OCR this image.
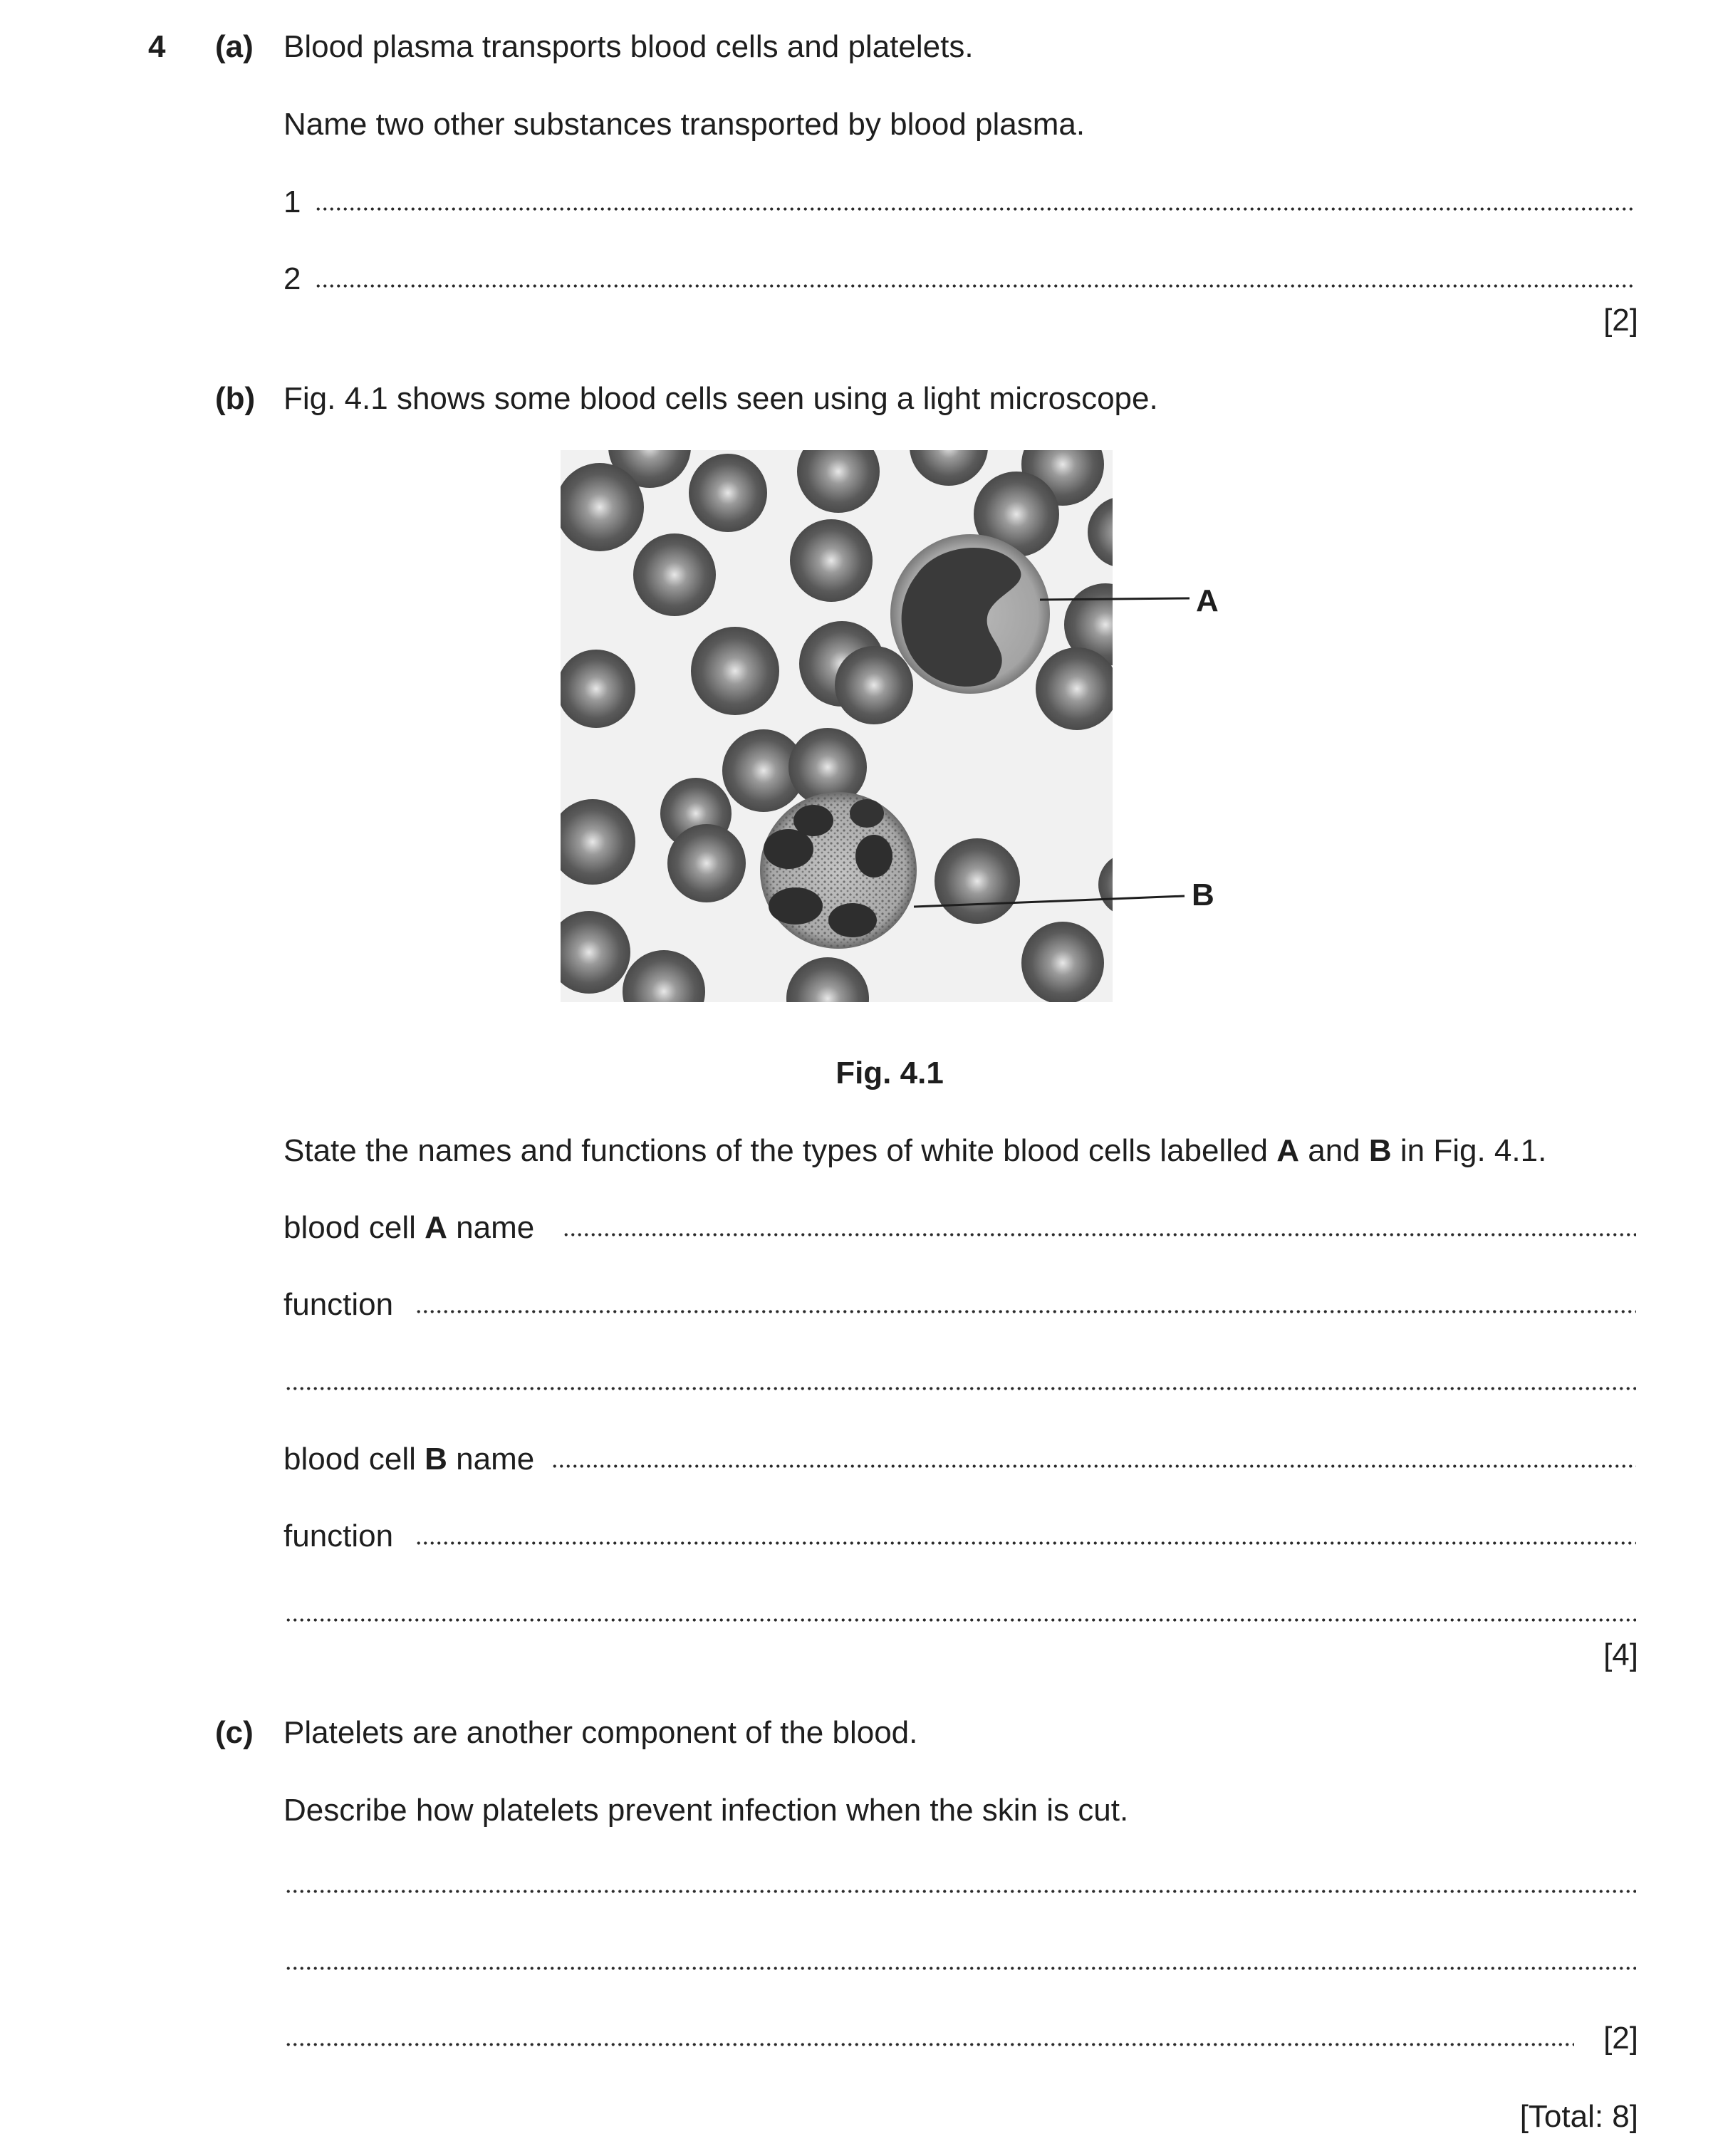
4 (a) Blood plasma transports blood cells and platelets.
Name two other substances transported by blood plasma.
1
2
[2]
(b) Fig. 4.1 shows some blood cells seen using a light microscope.
A
B
Fig. 4.1
State the names and functions of the types of white blood cells labelled A and B in Fig. 4.1.
blood cell A name
function
blood cell B name
function
[4]
(c) Platelets are another component of the blood.
Describe how platelets prevent infection when the skin is cut.
[2]
[Total: 8]
